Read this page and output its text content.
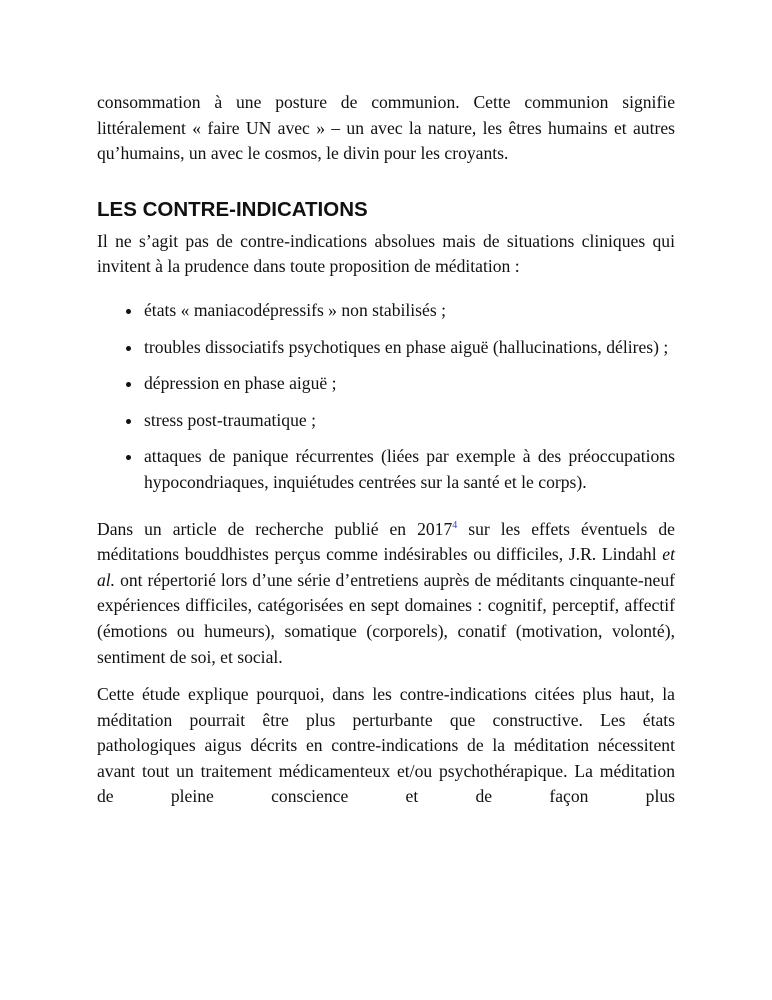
consommation à une posture de communion. Cette communion signifie littéralement « faire UN avec » – un avec la nature, les êtres humains et autres qu’humains, un avec le cosmos, le divin pour les croyants.

LES CONTRE-INDICATIONS

Il ne s’agit pas de contre-indications absolues mais de situations cliniques qui invitent à la prudence dans toute proposition de méditation :

états « maniacodépressifs » non stabilisés ;
troubles dissociatifs psychotiques en phase aiguë (hallucinations, délires) ;
dépression en phase aiguë ;
stress post-traumatique ;
attaques de panique récurrentes (liées par exemple à des préoccupations hypocondriaques, inquiétudes centrées sur la santé et le corps).

Dans un article de recherche publié en 2017$^4$ sur les effets éventuels de méditations bouddhistes perçus comme indésirables ou difficiles, J.R. Lindahl et al. ont répertorié lors d’une série d’entretiens auprès de méditants cinquante-neuf expériences difficiles, catégorisées en sept domaines : cognitif, perceptif, affectif (émotions ou humeurs), somatique (corporels), conatif (motivation, volonté), sentiment de soi, et social.

Cette étude explique pourquoi, dans les contre-indications citées plus haut, la méditation pourrait être plus perturbante que constructive. Les états pathologiques aigus décrits en contre-indications de la méditation nécessitent avant tout un traitement médicamenteux et/ou psychothérapique. La méditation de pleine conscience et de façon plus
